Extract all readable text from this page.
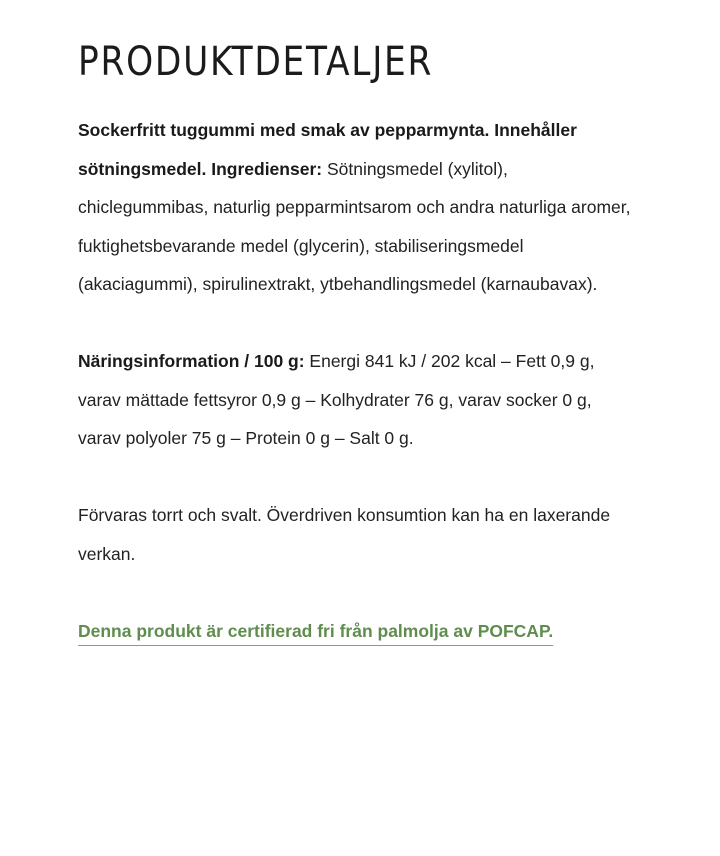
PRODUKTDETALJER

Sockerfritt tuggummi med smak av pepparmynta. Innehåller sötningsmedel. Ingredienser: Sötningsmedel (xylitol), chiclegummibas, naturlig pepparmintsarom och andra naturliga aromer, fuktighetsbevarande medel (glycerin), stabiliseringsmedel (akaciagummi), spirulinextrakt, ytbehandlingsmedel (karnaubavax).

Näringsinformation / 100 g: Energi 841 kJ / 202 kcal – Fett 0,9 g, varav mättade fettsyror 0,9 g – Kolhydrater 76 g, varav socker 0 g, varav polyoler 75 g – Protein 0 g – Salt 0 g.

Förvaras torrt och svalt. Överdriven konsumtion kan ha en laxerande verkan.

Denna produkt är certifierad fri från palmolja av POFCAP.
